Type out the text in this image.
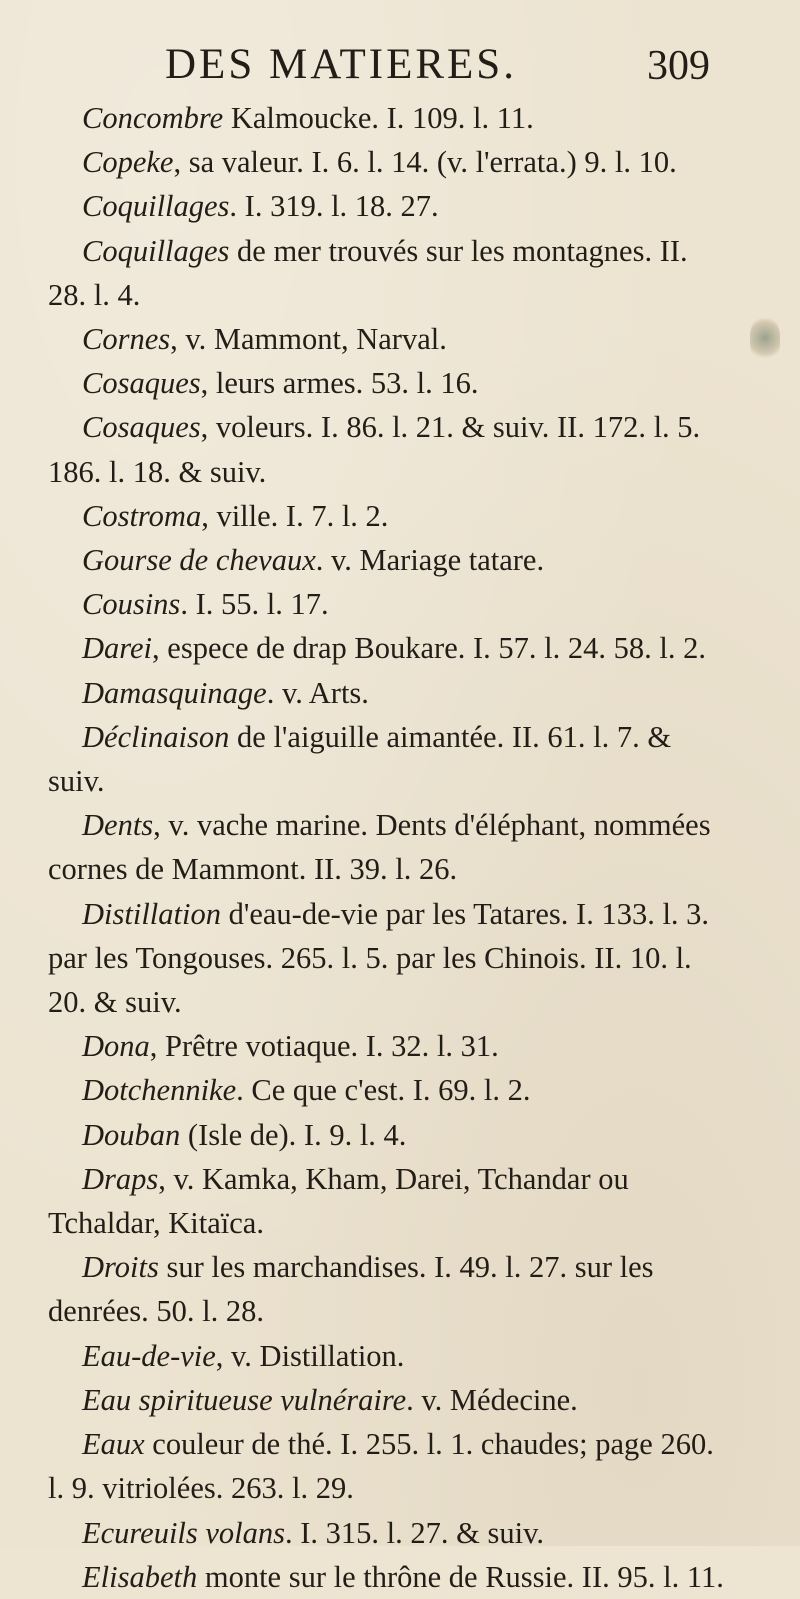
DES MATIERES.	309

Concombre Kalmoucke. I. 109. l. 11.

Copeke, sa valeur. I. 6. l. 14. (v. l'errata.) 9. l. 10.

Coquillages. I. 319. l. 18. 27.

Coquillages de mer trouvés sur les montagnes. II. 28. l. 4.

Cornes, v. Mammont, Narval.

Cosaques, leurs armes. 53. l. 16.

Cosaques, voleurs. I. 86. l. 21. & suiv. II. 172. l. 5. 186. l. 18. & suiv.

Costroma, ville. I. 7. l. 2.

Gourse de chevaux. v. Mariage tatare.

Cousins. I. 55. l. 17.

Darei, espece de drap Boukare. I. 57. l. 24. 58. l. 2.

Damasquinage. v. Arts.

Déclinaison de l'aiguille aimantée. II. 61. l. 7. & suiv.

Dents, v. vache marine. Dents d'éléphant, nommées cornes de Mammont. II. 39. l. 26.

Distillation d'eau-de-vie par les Tatares. I. 133. l. 3. par les Tongouses. 265. l. 5. par les Chinois. II. 10. l. 20. & suiv.

Dona, Prêtre votiaque. I. 32. l. 31.

Dotchennike. Ce que c'est. I. 69. l. 2.

Douban (Isle de). I. 9. l. 4.

Draps, v. Kamka, Kham, Darei, Tchandar ou Tchaldar, Kitaïca.

Droits sur les marchandises. I. 49. l. 27. sur les denrées. 50. l. 28.

Eau-de-vie, v. Distillation.

Eau spiritueuse vulnéraire. v. Médecine.

Eaux couleur de thé. I. 255. l. 1. chaudes; page 260. l. 9. vitriolées. 263. l. 29.

Ecureuils volans. I. 315. l. 27. & suiv.

Elisabeth monte sur le thrône de Russie. II. 95. l. 11.
